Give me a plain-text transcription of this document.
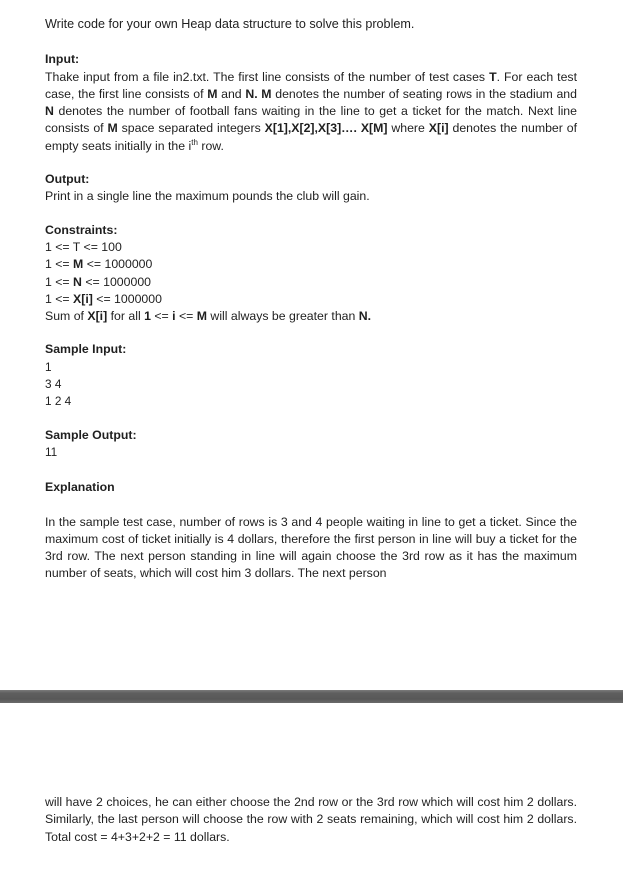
Write code for your own Heap data structure to solve this problem.

Input:

Thake input from a file in2.txt. The first line consists of the number of test cases T. For each test case, the first line consists of M and N. M denotes the number of seating rows in the stadium and N denotes the number of football fans waiting in the line to get a ticket for the match. Next line consists of M space separated integers X[1],X[2],X[3]…. X[M] where X[i] denotes the number of empty seats initially in the $i^{th}$ row.

Output:

Print in a single line the maximum pounds the club will gain.

Constraints:

1 <= T <= 100

1 <= M <= 1000000

1 <= N <= 1000000

1 <= X[i] <= 1000000

Sum of X[i] for all 1 <= i <= M will always be greater than N.

Sample Input:

1

3 4

1 2 4

Sample Output:

11

Explanation

In the sample test case, number of rows is 3 and 4 people waiting in line to get a ticket. Since the maximum cost of ticket initially is 4 dollars, therefore the first person in line will buy a ticket for the 3rd row. The next person standing in line will again choose the 3rd row as it has the maximum number of seats, which will cost him 3 dollars. The next person

will have 2 choices, he can either choose the 2nd row or the 3rd row which will cost him 2 dollars. Similarly, the last person will choose the row with 2 seats remaining, which will cost him 2 dollars. Total cost = 4+3+2+2 = 11 dollars.
